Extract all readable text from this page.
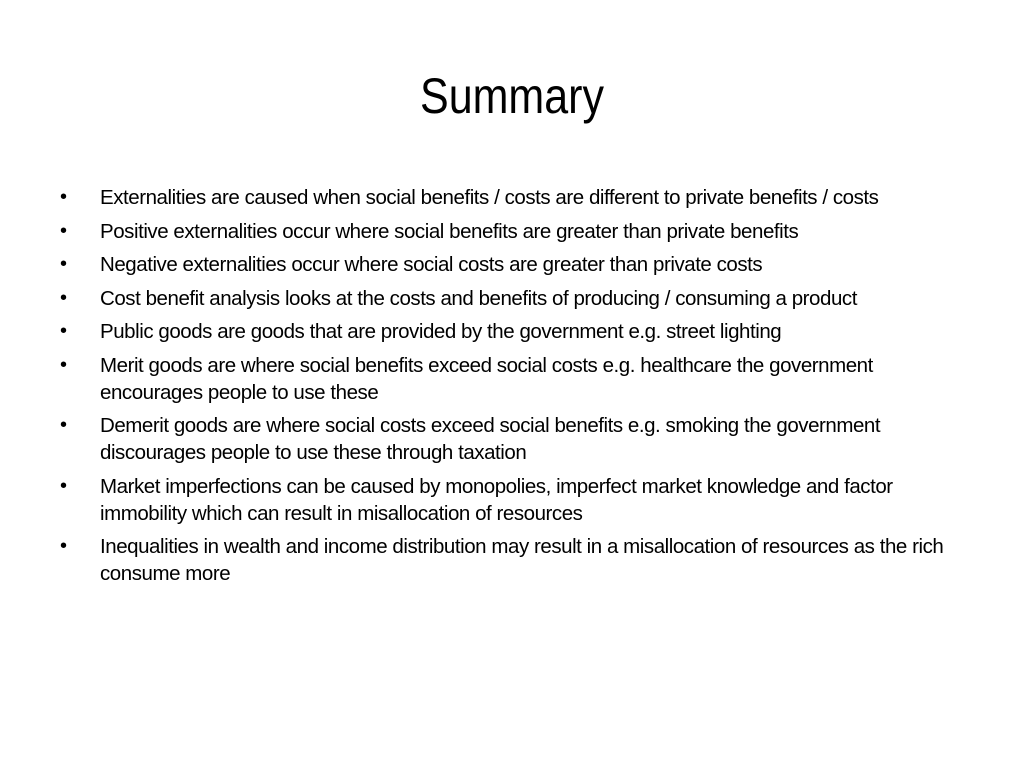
Summary
• Externalities are caused when social benefits / costs are different to private benefits / costs
• Positive externalities occur where social benefits are greater than private benefits
• Negative externalities occur where social costs are greater than private costs
• Cost benefit analysis looks at the costs and benefits of producing / consuming a product
• Public goods are goods that are provided by the government e.g. street lighting
• Merit goods are where social benefits exceed social costs e.g. healthcare the government encourages people to use these
• Demerit goods are where social costs exceed social benefits e.g. smoking the government discourages people to use these through taxation
• Market imperfections can be caused by monopolies, imperfect market knowledge and factor immobility which can result in misallocation of resources
• Inequalities in wealth and income distribution may result in a misallocation of resources as the rich consume more
